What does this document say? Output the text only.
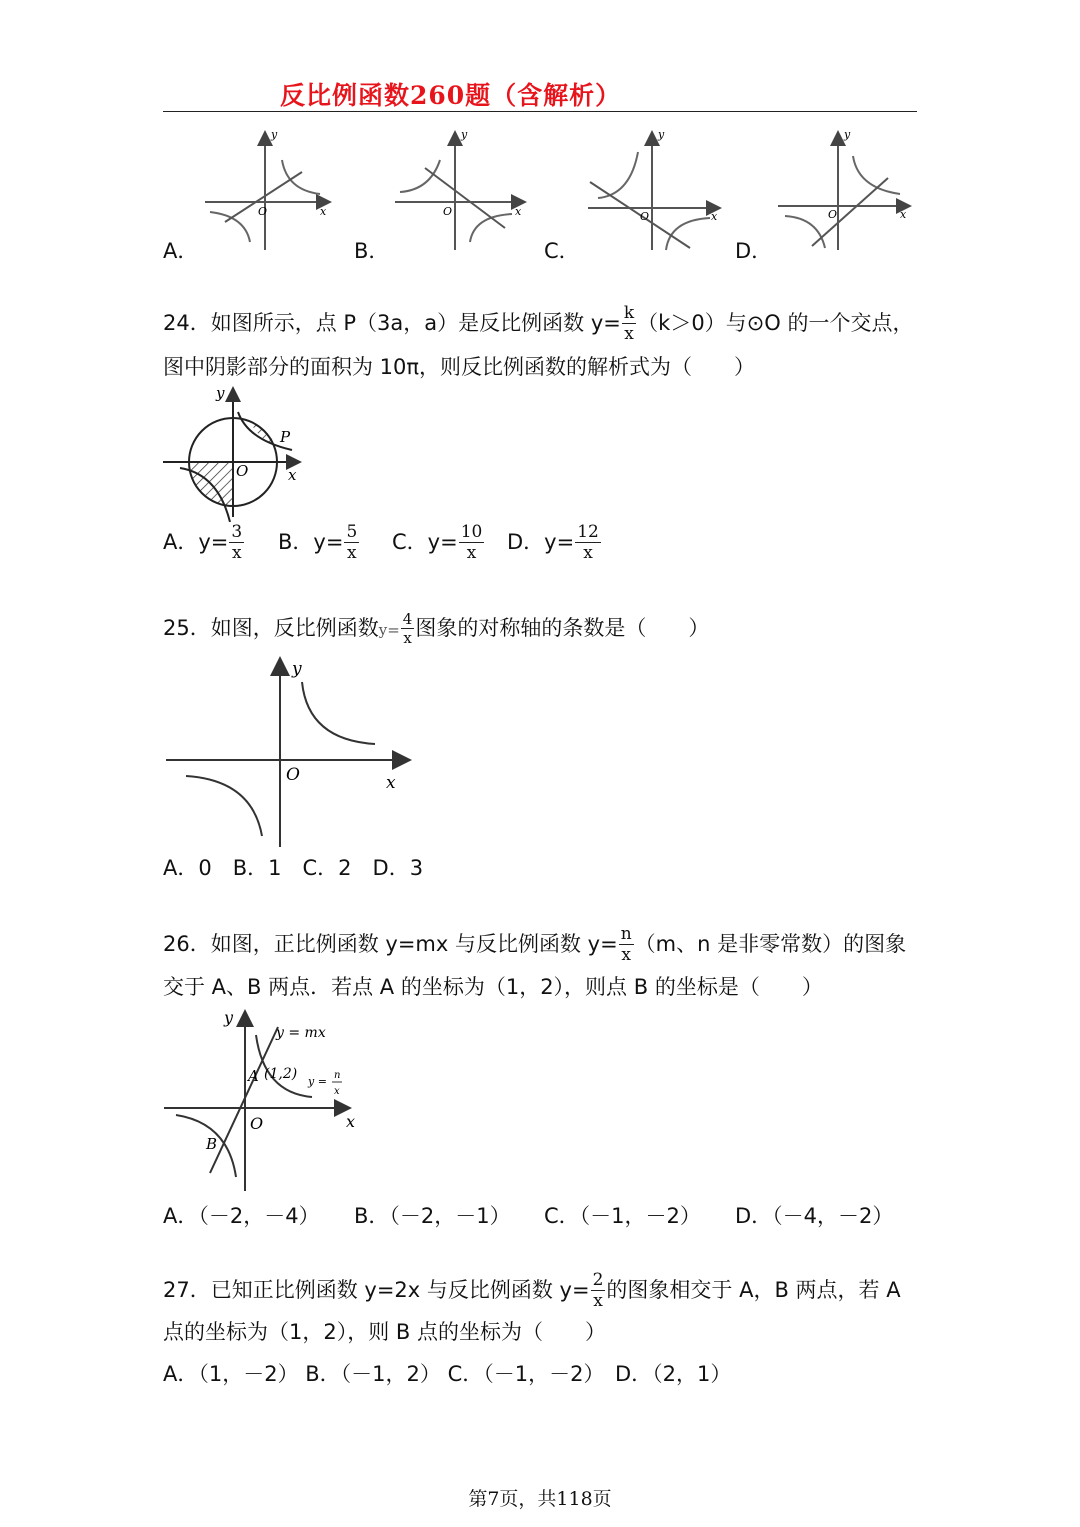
反比例函数260题（含解析）
O	x
y
O	x
y
O	x
y
O	x
y
A．	B．	C．	D．
24．如图所示，点 P（3a，a）是反比例函数 $y= \frac{k}{x} (k>0)$与⊙O 的一个交点，
图中阴影部分的面积为 10π，则反比例函数的解析式为（　　）
y
x
O
P
A．$y= \frac{3}{x}$ B．$y= \frac{5}{x}$ C．$y= \frac{10}{x}$ D．$y= \frac{12}{x}$
25．如图，反比例函数$y= \frac{4}{x}$ 图象的对称轴的条数是（　　）
y
x
O
A．0　B．1　C．2　D．3
26．如图，正比例函数 y=mx 与反比例函数 $y= \frac{n}{x} (m$、n 是非零常数）的图象
交于 A、B 两点．若点 A 的坐标为（1，2），则点 B 的坐标是（　　）
y
x
O
A (1,2)
B
y = mx
y = n
x
A．（－2，－4） B．（－2，－1） C．（－1，－2） D．（－4，－2）
27．已知正比例函数 y=2x 与反比例函数 $y= \frac{2}{x}$ 的图象相交于 A，B 两点，若 A
点的坐标为（1，2），则 B 点的坐标为（　　）
A．（1，－2） B．（－1，2） C．（－1，－2）　D．（2，1）
第7页，共118页
